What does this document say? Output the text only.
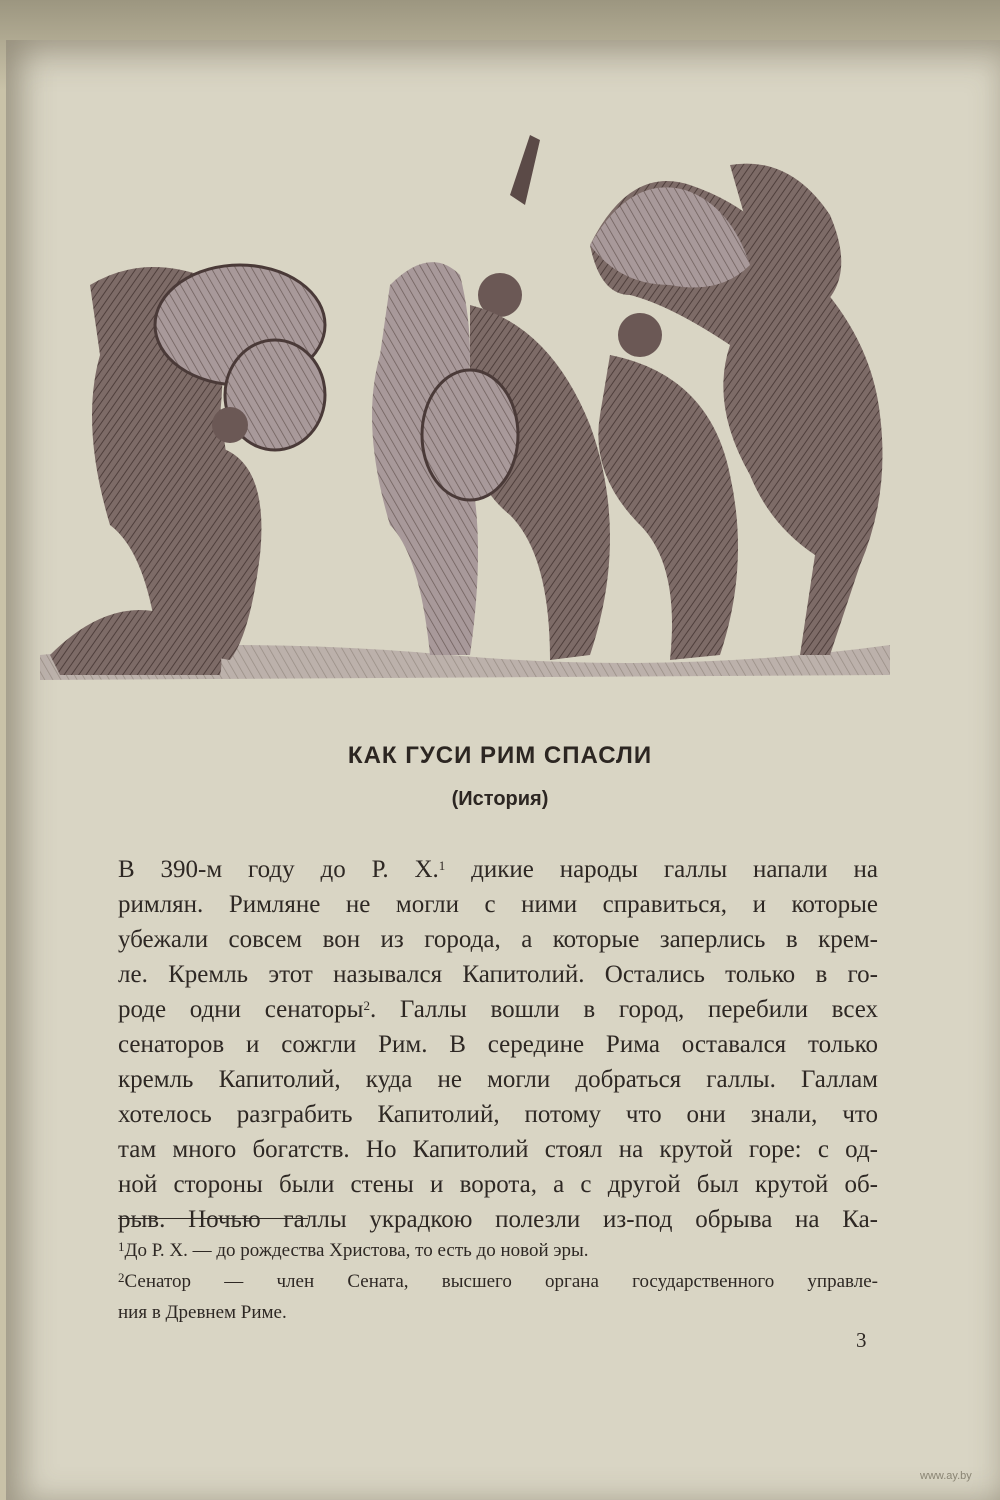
КАК ГУСИ РИМ СПАСЛИ
(История)
В 390-м году до Р. Х.$^1$ дикие народы галлы напали на
римлян. Римляне не могли с ними справиться, и которые
убежали совсем вон из города, а которые заперлись в крем-
ле. Кремль этот назывался Капитолий. Остались только в го-
роде одни сенаторы$^2$. Галлы вошли в город, перебили всех
сенаторов и сожгли Рим. В середине Рима оставался только
кремль Капитолий, куда не могли добраться галлы. Галлам
хотелось разграбить Капитолий, потому что они знали, что
там много богатств. Но Капитолий стоял на крутой горе: с од-
ной стороны были стены и ворота, а с другой был крутой об-
рыв. Ночью галлы украдкою полезли из-под обрыва на Ка-
$^1$До Р. Х. — до рождества Христова, то есть до новой эры.
$^2$Сенатор — член Сената, высшего органа государственного управле-
ния в Древнем Риме.
3
www.ay.by
